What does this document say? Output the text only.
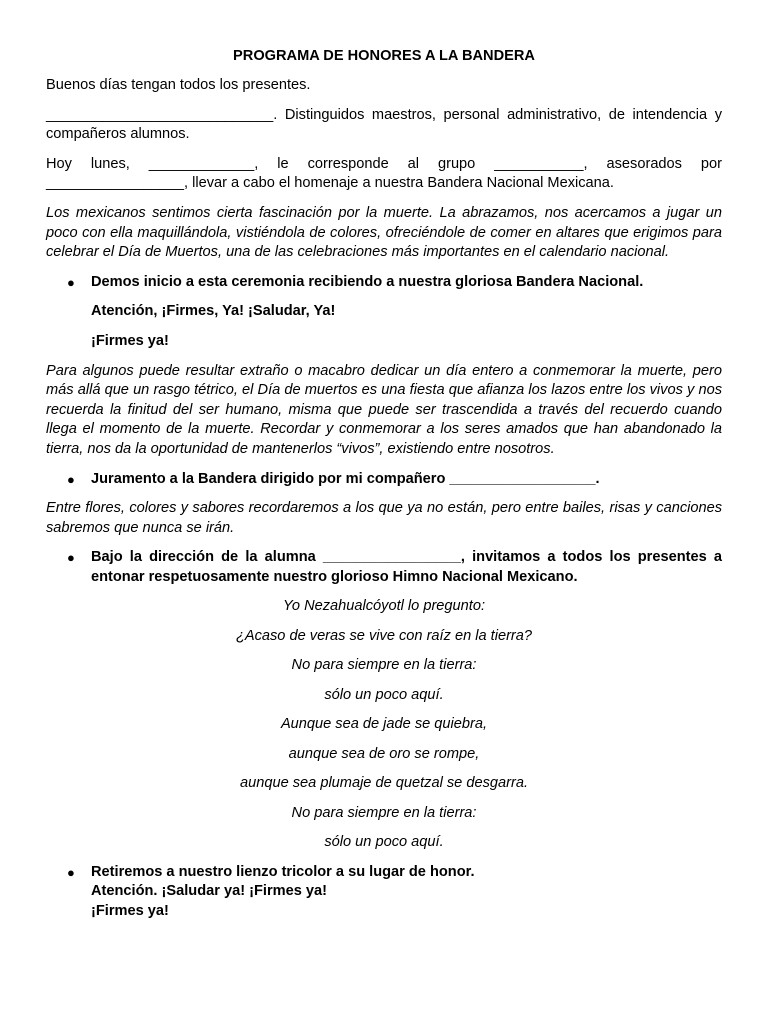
PROGRAMA DE HONORES A LA BANDERA

Buenos días tengan todos los presentes.

____________________________. Distinguidos maestros, personal administrativo, de intendencia y compañeros alumnos.

Hoy lunes, _____________, le corresponde al grupo ___________, asesorados por _________________, llevar a cabo el homenaje a nuestra Bandera Nacional Mexicana.

Los mexicanos sentimos cierta fascinación por la muerte. La abrazamos, nos acercamos a jugar un poco con ella maquillándola, vistiéndola de colores, ofreciéndole de comer en altares que erigimos para celebrar el Día de Muertos, una de las celebraciones más importantes en el calendario nacional.

● Demos inicio a esta ceremonia recibiendo a nuestra gloriosa Bandera Nacional.

Atención, ¡Firmes, Ya! ¡Saludar, Ya!

¡Firmes ya!

Para algunos puede resultar extraño o macabro dedicar un día entero a conmemorar la muerte, pero más allá que un rasgo tétrico, el Día de muertos es una fiesta que afianza los lazos entre los vivos y nos recuerda la finitud del ser humano, misma que puede ser trascendida a través del recuerdo cuando llega el momento de la muerte. Recordar y conmemorar a los seres amados que han abandonado la tierra, nos da la oportunidad de mantenerlos “vivos”, existiendo entre nosotros.

● Juramento a la Bandera dirigido por mi compañero __________________.

Entre flores, colores y sabores recordaremos a los que ya no están, pero entre bailes, risas y canciones sabremos que nunca se irán.

● Bajo la dirección de la alumna _________________, invitamos a todos los presentes a entonar respetuosamente nuestro glorioso Himno Nacional Mexicano.

Yo Nezahualcóyotl lo pregunto:

¿Acaso de veras se vive con raíz en la tierra?

No para siempre en la tierra:

sólo un poco aquí.

Aunque sea de jade se quiebra,

aunque sea de oro se rompe,

aunque sea plumaje de quetzal se desgarra.

No para siempre en la tierra:

sólo un poco aquí.

● Retiremos a nuestro lienzo tricolor a su lugar de honor.

Atención. ¡Saludar ya! ¡Firmes ya!

¡Firmes ya!
